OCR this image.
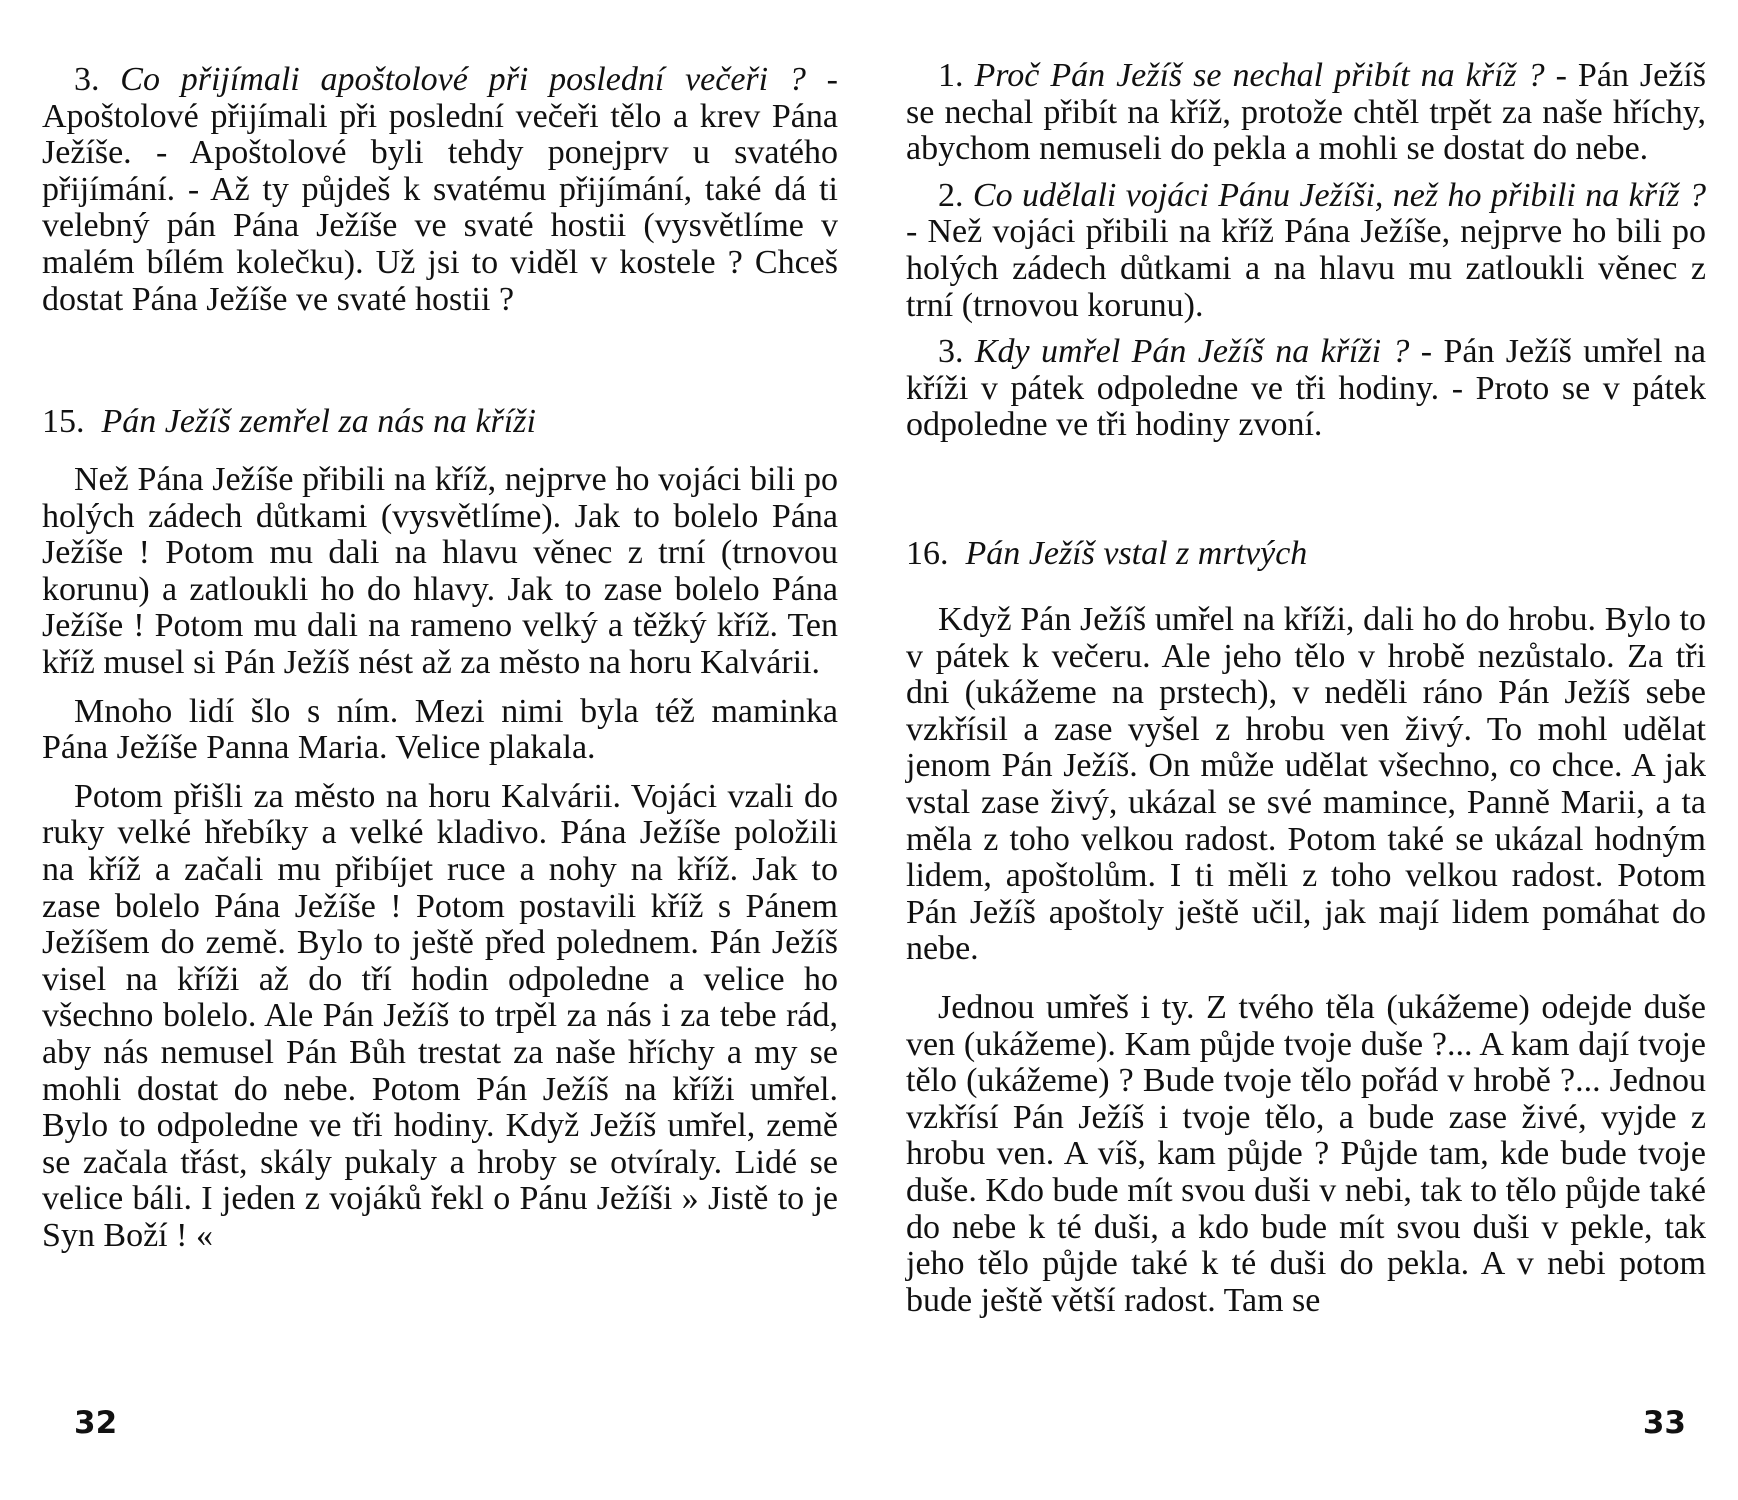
3. Co přijímali apoštolové při poslední večeři ? - Apoštolové přijímali při poslední večeři tělo a krev Pána Ježíše. - Apoštolové byli tehdy ponejprv u svatého přijímání. - Až ty půjdeš k svatému přijímání, také dá ti velebný pán Pána Ježíše ve svaté hostii (vysvětlíme v malém bílém kolečku). Už jsi to viděl v kostele ? Chceš dostat Pána Ježíše ve svaté hostii ?

15. Pán Ježíš zemřel za nás na kříži

Než Pána Ježíše přibili na kříž, nejprve ho vojáci bili po holých zádech důtkami (vysvětlíme). Jak to bolelo Pána Ježíše ! Potom mu dali na hlavu věnec z trní (trnovou korunu) a zatloukli ho do hlavy. Jak to zase bolelo Pána Ježíše ! Potom mu dali na rameno velký a těžký kříž. Ten kříž musel si Pán Ježíš nést až za město na horu Kalvárii.

Mnoho lidí šlo s ním. Mezi nimi byla též maminka Pána Ježíše Panna Maria. Velice plakala.

Potom přišli za město na horu Kalvárii. Vojáci vzali do ruky velké hřebíky a velké kladivo. Pána Ježíše položili na kříž a začali mu přibíjet ruce a nohy na kříž. Jak to zase bolelo Pána Ježíše ! Potom postavili kříž s Pánem Ježíšem do země. Bylo to ještě před polednem. Pán Ježíš visel na kříži až do tří hodin odpoledne a velice ho všechno bolelo. Ale Pán Ježíš to trpěl za nás i za tebe rád, aby nás nemusel Pán Bůh trestat za naše hříchy a my se mohli dostat do nebe. Potom Pán Ježíš na kříži umřel. Bylo to odpoledne ve tři hodiny. Když Ježíš umřel, země se začala třást, skály pukaly a hroby se otvíraly. Lidé se velice báli. I jeden z vojáků řekl o Pánu Ježíši » Jistě to je Syn Boží ! «

32

1. Proč Pán Ježíš se nechal přibít na kříž ? - Pán Ježíš se nechal přibít na kříž, protože chtěl trpět za naše hříchy, abychom nemuseli do pekla a mohli se dostat do nebe.

2. Co udělali vojáci Pánu Ježíši, než ho přibili na kříž ? - Než vojáci přibili na kříž Pána Ježíše, nejprve ho bili po holých zádech důtkami a na hlavu mu zatloukli věnec z trní (trnovou korunu).

3. Kdy umřel Pán Ježíš na kříži ? - Pán Ježíš umřel na kříži v pátek odpoledne ve tři hodiny. - Proto se v pátek odpoledne ve tři hodiny zvoní.

16. Pán Ježíš vstal z mrtvých

Když Pán Ježíš umřel na kříži, dali ho do hrobu. Bylo to v pátek k večeru. Ale jeho tělo v hrobě nezůstalo. Za tři dni (ukážeme na prstech), v neděli ráno Pán Ježíš sebe vzkřísil a zase vyšel z hrobu ven živý. To mohl udělat jenom Pán Ježíš. On může udělat všechno, co chce. A jak vstal zase živý, ukázal se své mamince, Panně Marii, a ta měla z toho velkou radost. Potom také se ukázal hodným lidem, apoštolům. I ti měli z toho velkou radost. Potom Pán Ježíš apoštoly ještě učil, jak mají lidem pomáhat do nebe.

Jednou umřeš i ty. Z tvého těla (ukážeme) odejde duše ven (ukážeme). Kam půjde tvoje duše ?... A kam dají tvoje tělo (ukážeme) ? Bude tvoje tělo pořád v hrobě ?... Jednou vzkřísí Pán Ježíš i tvoje tělo, a bude zase živé, vyjde z hrobu ven. A víš, kam půjde ? Půjde tam, kde bude tvoje duše. Kdo bude mít svou duši v nebi, tak to tělo půjde také do nebe k té duši, a kdo bude mít svou duši v pekle, tak jeho tělo půjde také k té duši do pekla. A v nebi potom bude ještě větší radost. Tam se

33
